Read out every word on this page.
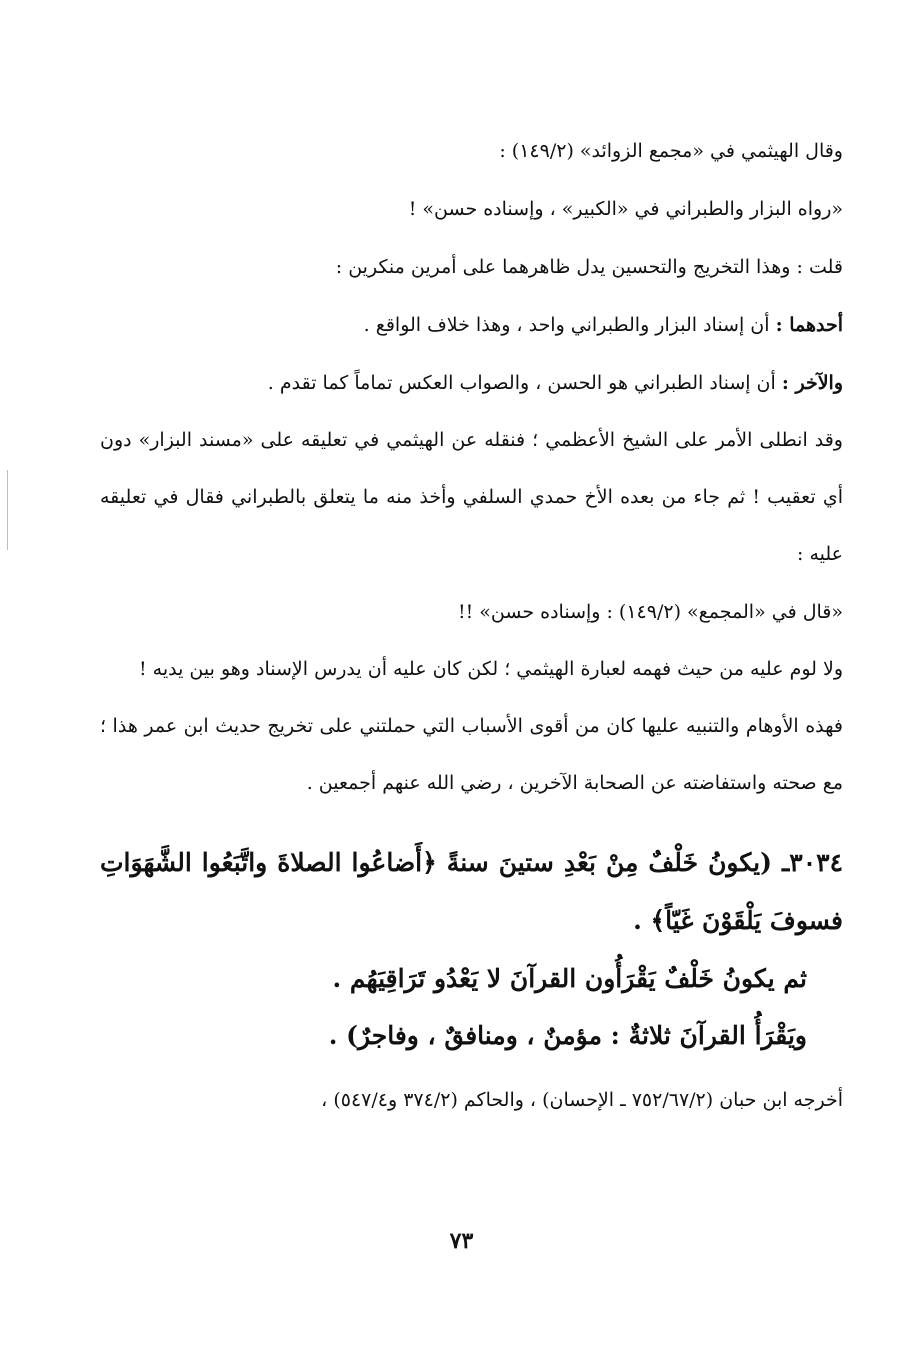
وقال الهيثمي في «مجمع الزوائد» (١٤٩/٢) :

«رواه البزار والطبراني في «الكبير» ، وإسناده حسن» !

قلت : وهذا التخريج والتحسين يدل ظاهرهما على أمرين منكرين :

أحدهما : أن إسناد البزار والطبراني واحد ، وهذا خلاف الواقع .

والآخر : أن إسناد الطبراني هو الحسن ، والصواب العكس تماماً كما تقدم .

وقد انطلى الأمر على الشيخ الأعظمي ؛ فنقله عن الهيثمي في تعليقه على «مسند البزار» دون أي تعقيب ! ثم جاء من بعده الأخ حمدي السلفي وأخذ منه ما يتعلق بالطبراني فقال في تعليقه عليه :

«قال في «المجمع» (١٤٩/٢) : وإسناده حسن» !!

ولا لوم عليه من حيث فهمه لعبارة الهيثمي ؛ لكن كان عليه أن يدرس الإسناد وهو بين يديه !

فهذه الأوهام والتنبيه عليها كان من أقوى الأسباب التي حملتني على تخريج حديث ابن عمر هذا ؛ مع صحته واستفاضته عن الصحابة الآخرين ، رضي الله عنهم أجمعين .

٣٠٣٤ـ (يكونُ خَلْفٌ مِنْ بَعْدِ ستينَ سنةً ﴿أَضاعُوا الصلاةَ واتَّبَعُوا الشَّهَوَاتِ فسوفَ يَلْقَوْنَ غَيّاً﴾ .

ثم يكونُ خَلْفٌ يَقْرَأُون القرآنَ لا يَعْدُو تَرَاقِيَهُم .

ويَقْرَأُ القرآنَ ثلاثةٌ : مؤمنٌ ، ومنافقٌ ، وفاجرٌ) .

أخرجه ابن حبان (٧٥٢/٦٧/٢ ـ الإحسان) ، والحاكم (٣٧٤/٢ و٥٤٧/٤) ،

٧٣
